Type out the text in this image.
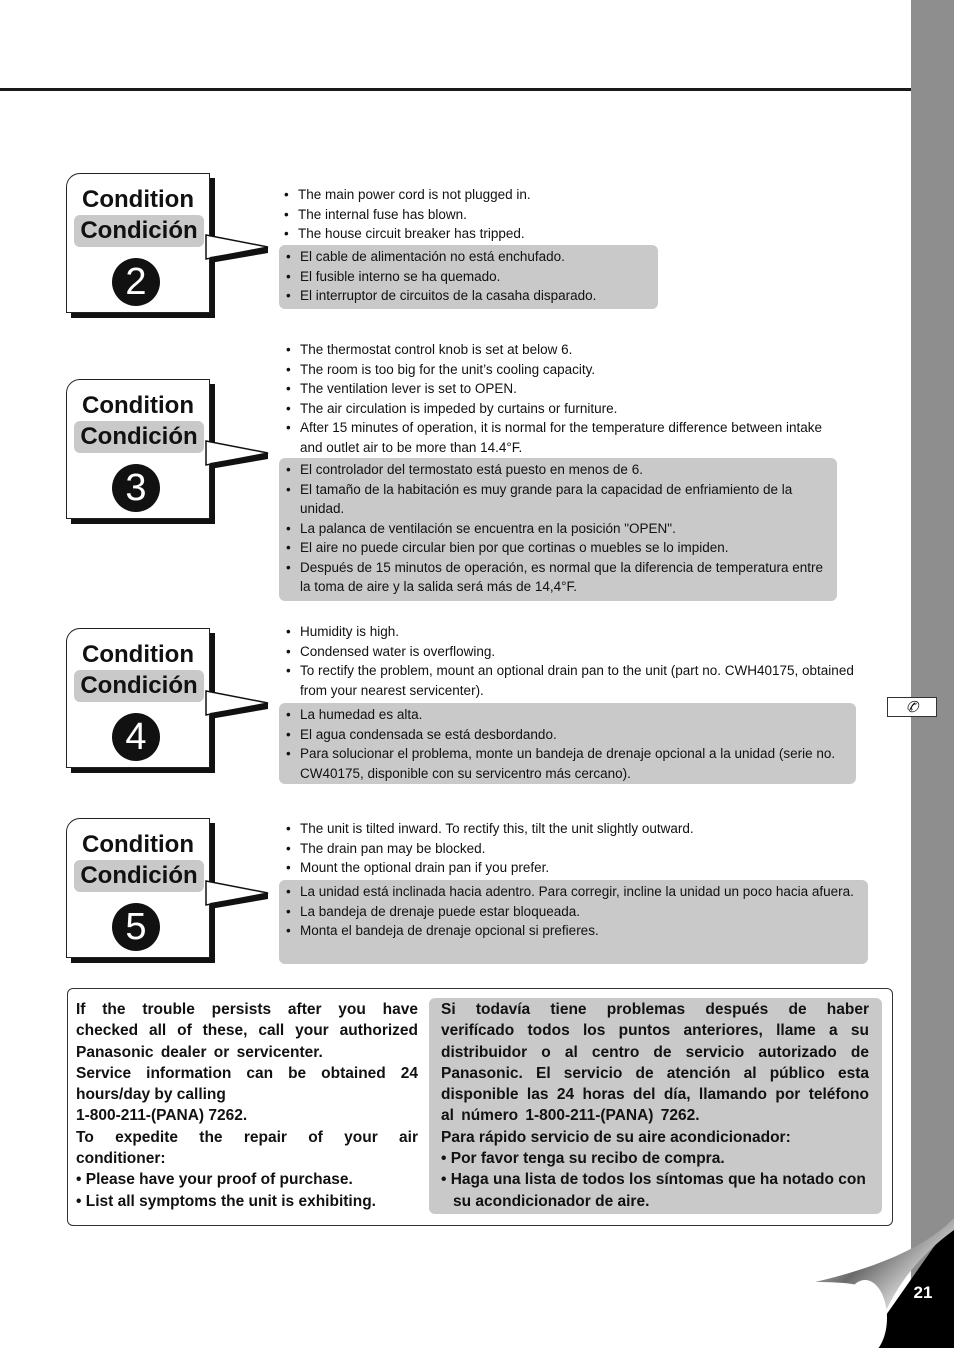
✆
Condition
Condición
2
• The main power cord is not plugged in.
• The internal fuse has blown.
• The house circuit breaker has tripped.
• El cable de alimentación no está enchufado.
• El fusible interno se ha quemado.
• El interruptor de circuitos de la casaha disparado.
Condition
Condición
3
• The thermostat control knob is set at below 6.
• The room is too big for the unit’s cooling capacity.
• The ventilation lever is set to OPEN.
• The air circulation is impeded by curtains or furniture.
• After 15 minutes of operation, it is normal for the temperature difference between intake and outlet air to be more than 14.4°F.
• El controlador del termostato está puesto en menos de 6.
• El tamaño de la habitación es muy grande para la capacidad de enfriamiento de la unidad.
• La palanca de ventilación se encuentra en la posición "OPEN".
• El aire no puede circular bien por que cortinas o muebles se lo impiden.
• Después de 15 minutos de operación, es normal que la diferencia de temperatura entre la toma de aire y la salida será más de 14,4°F.
Condition
Condición
4
• Humidity is high.
• Condensed water is overflowing.
• To rectify the problem, mount an optional drain pan to the unit (part no. CWH40175, obtained from your nearest servicenter).
• La humedad es alta.
• El agua condensada se está desbordando.
• Para solucionar el problema, monte un bandeja de drenaje opcional a la unidad (serie no. CW40175, disponible con su servicentro más cercano).
Condition
Condición
5
• The unit is tilted inward. To rectify this, tilt the unit slightly outward.
• The drain pan may be blocked.
• Mount the optional drain pan if you prefer.
• La unidad está inclinada hacia adentro. Para corregir, incline la unidad un poco hacia afuera.
• La bandeja de drenaje puede estar bloqueada.
• Monta el bandeja de drenaje opcional si prefieres.

If the trouble persists after you have checked all of these, call your authorized Panasonic dealer or servicenter.

Service information can be obtained 24 hours/day by calling

1-800-211-(PANA) 7262.

To expedite the repair of your air conditioner:

• Please have your proof of purchase.

• List all symptoms the unit is exhibiting.

Si todavía tiene problemas después de haber verifícado todos los puntos anteriores, llame a su distribuidor o al centro de servicio autorizado de Panasonic. El servicio de atención al público esta disponible las 24 horas del día, llamando por teléfono al número 1-800-211-(PANA) 7262.

Para rápido servicio de su aire acondicionador:

• Por favor tenga su recibo de compra.

• Haga una lista de todos los síntomas que ha notado con su acondicionador de aire.

21
